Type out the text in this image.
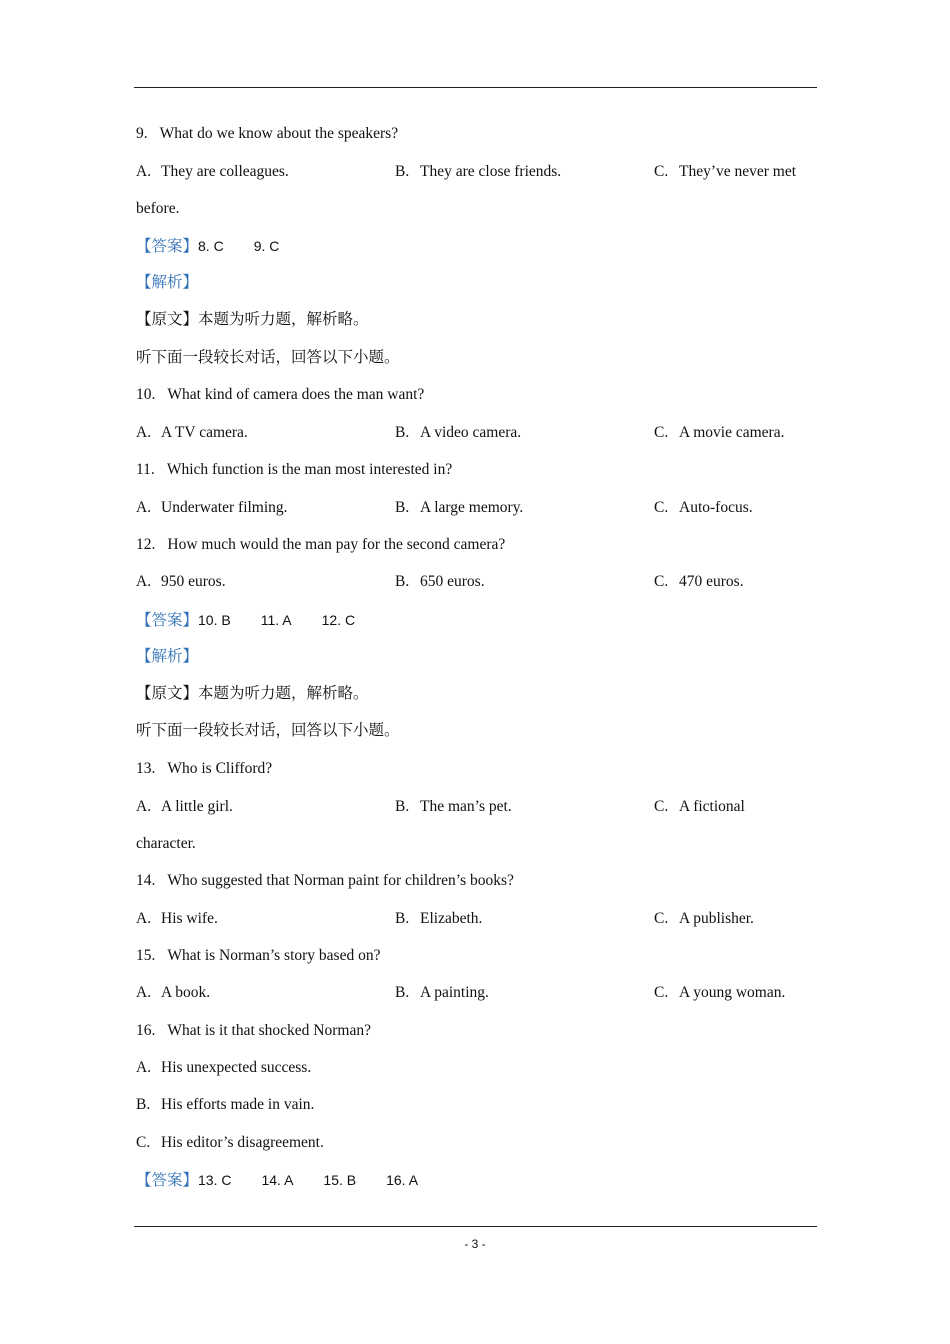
9. What do we know about the speakers?
A. They are colleagues.	B. They are close friends.	C. They’ve never met
before.
【答案】8. C 9. C
【解析】
【原文】本题为听力题，解析略。
听下面一段较长对话，回答以下小题。
10. What kind of camera does the man want?
A. A TV camera.	B. A video camera.	C. A movie camera.
11. Which function is the man most interested in?
A. Underwater filming.	B. A large memory.	C. Auto-focus.
12. How much would the man pay for the second camera?
A. 950 euros.	B. 650 euros.	C. 470 euros.
【答案】10. B 11. A 12. C
【解析】
【原文】本题为听力题，解析略。
听下面一段较长对话，回答以下小题。
13. Who is Clifford?
A. A little girl.	B. The man’s pet.	C. A fictional
character.
14. Who suggested that Norman paint for children’s books?
A. His wife.	B. Elizabeth.	C. A publisher.
15. What is Norman’s story based on?
A. A book.	B. A painting.	C. A young woman.
16. What is it that shocked Norman?
A. His unexpected success.
B. His efforts made in vain.
C. His editor’s disagreement.
【答案】13. C 14. A 15. B 16. A
- 3 -
